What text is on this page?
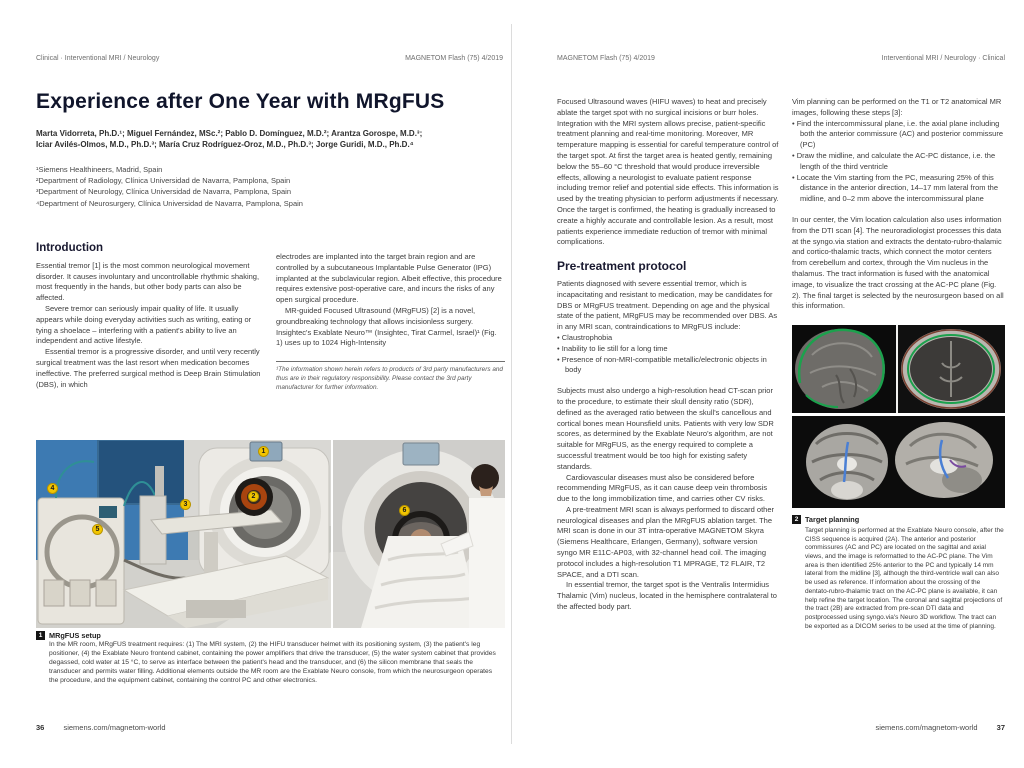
Clinical · Interventional MRI / Neurology	MAGNETOM Flash (75) 4/2019
Experience after One Year with MRgFUS
Marta Vidorreta, Ph.D.¹; Miguel Fernández, MSc.²; Pablo D. Domínguez, M.D.²; Arantza Gorospe, M.D.³;
Iciar Avilés-Olmos, M.D., Ph.D.³; María Cruz Rodríguez-Oroz, M.D., Ph.D.³; Jorge Guridi, M.D., Ph.D.⁴
¹Siemens Healthineers, Madrid, Spain
²Department of Radiology, Clínica Universidad de Navarra, Pamplona, Spain
³Department of Neurology, Clínica Universidad de Navarra, Pamplona, Spain
⁴Department of Neurosurgery, Clínica Universidad de Navarra, Pamplona, Spain
Introduction

Essential tremor [1] is the most common neurological movement disorder. It causes involuntary and uncontrollable rhythmic shaking, most frequently in the hands, but other body parts can also be affected.

Severe tremor can seriously impair quality of life. It usually appears while doing everyday activities such as writing, eating or tying a shoelace – interfering with a patient's ability to live an independent and active lifestyle.

Essential tremor is a progressive disorder, and until very recently surgical treatment was the last resort when medication becomes ineffective. The preferred surgical method is Deep Brain Stimulation (DBS), in which

electrodes are implanted into the target brain region and are controlled by a subcutaneous Implantable Pulse Generator (IPG) implanted at the subclavicular region. Albeit effective, this procedure requires extensive post-operative care, and incurs the risks of any open surgical procedure.

MR-guided Focused Ultrasound (MRgFUS) [2] is a novel, groundbreaking technology that allows incisionless surgery. Insightec's Exablate Neuro™ (Insightec, Tirat Carmel, Israel)¹ (Fig. 1) uses up to 1024 High-Intensity

¹The information shown herein refers to products of 3rd party manufacturers and thus are in their regulatory responsibility. Please contact the 3rd party manufacturer for further information.

1
2
3
4
5
6
1 MRgFUS setup
In the MR room, MRgFUS treatment requires: (1) The MRI system, (2) the HIFU transducer helmet with its positioning system, (3) the patient's leg positioner, (4) the Exablate Neuro frontend cabinet, containing the power amplifiers that drive the transducer, (5) the water system cabinet that provides degassed, cold water at 15 °C, to serve as interface between the patient's head and the transducer, and (6) the silicon membrane that seals the transducer and permits water filling. Additional elements outside the MR room are the Exablate Neuro console, from which the neurosurgeon operates the procedure, and the equipment cabinet, containing the control PC and other electronics.
36	siemens.com/magnetom-world
MAGNETOM Flash (75) 4/2019	Interventional MRI / Neurology · Clinical

Focused Ultrasound waves (HIFU waves) to heat and precisely ablate the target spot with no surgical incisions or burr holes. Integration with the MRI system allows precise, patient-specific treatment planning and real-time monitoring. Moreover, MR temperature mapping is essential for careful temperature control of the target spot. At first the target area is heated gently, remaining below the 55–60 °C threshold that would produce irreversible effects, allowing a neurologist to evaluate patient response including tremor relief and potential side effects. This information is used by the treating physician to perform adjustments if necessary. Once the target is confirmed, the heating is gradually increased to create a highly accurate and controllable lesion. As a result, most patients experience immediate reduction of tremor with minimal complications.

Pre-treatment protocol

Patients diagnosed with severe essential tremor, which is incapacitating and resistant to medication, may be candidates for DBS or MRgFUS treatment. Depending on age and the physical state of the patient, MRgFUS may be recommended over DBS. As in any MRI scan, contraindications to MRgFUS include:

• Claustrophobia

• Inability to lie still for a long time

• Presence of non-MRI-compatible metallic/electronic objects in body

Subjects must also undergo a high-resolution head CT-scan prior to the procedure, to estimate their skull density ratio (SDR), defined as the averaged ratio between the skull's cancellous and cortical bones mean Hounsfield units. Patients with very low SDR scores, as determined by the Exablate Neuro's algorithm, are not suitable for MRgFUS, as the energy required to complete a successful treatment would be too high for existing safety standards.

Cardiovascular diseases must also be considered before recommending MRgFUS, as it can cause deep vein thrombosis due to the long immobilization time, and carries other CV risks.

A pre-treatment MRI scan is always performed to discard other neurological diseases and plan the MRgFUS ablation target. The MRI scan is done in our 3T intra-operative MAGNETOM Skyra (Siemens Healthcare, Erlangen, Germany), software version syngo MR E11C-AP03, with 32-channel head coil. The imaging protocol includes a high-resolution T1 MPRAGE, T2 FLAIR, T2 SPACE, and a DTI scan.

In essential tremor, the target spot is the Ventralis Intermidius Thalamic (Vim) nucleus, located in the hemisphere contralateral to the affected body part.

Vim planning can be performed on the T1 or T2 anatomical MR images, following these steps [3]:

• Find the intercommissural plane, i.e. the axial plane including both the anterior commissure (AC) and posterior commissure (PC)

• Draw the midline, and calculate the AC-PC distance, i.e. the length of the third ventricle

• Locate the Vim starting from the PC, measuring 25% of this distance in the anterior direction, 14–17 mm lateral from the midline, and 0–2 mm above the intercommissural plane

In our center, the Vim location calculation also uses information from the DTI scan [4]. The neuroradiologist processes this data at the syngo.via station and extracts the dentato-rubro-thalamic and cortico-thalamic tracts, which connect the motor centers from cerebellum and cortex, through the Vim nucleus in the thalamus. The tract information is fused with the anatomical image, to visualize the tract crossing at the AC-PC plane (Fig. 2). The final target is selected by the neurosurgeon based on all this information.

2 Target planning
Target planning is performed at the Exablate Neuro console, after the CISS sequence is acquired (2A). The anterior and posterior commissures (AC and PC) are located on the sagittal and axial views, and the image is reformatted to the AC-PC plane. The Vim area is then identified 25% anterior to the PC and typically 14 mm lateral from the midline [3], although the third-ventricle wall can also be used as reference. If information about the crossing of the dentato-rubro-thalamic tract on the AC-PC plane is available, it can help refine the target location. The coronal and sagittal projections of the tract (2B) are extracted from pre-scan DTI data and postprocessed using syngo.via's Neuro 3D workflow. The tract can be exported as a DICOM series to be used at the time of planning.
siemens.com/magnetom-world	37
